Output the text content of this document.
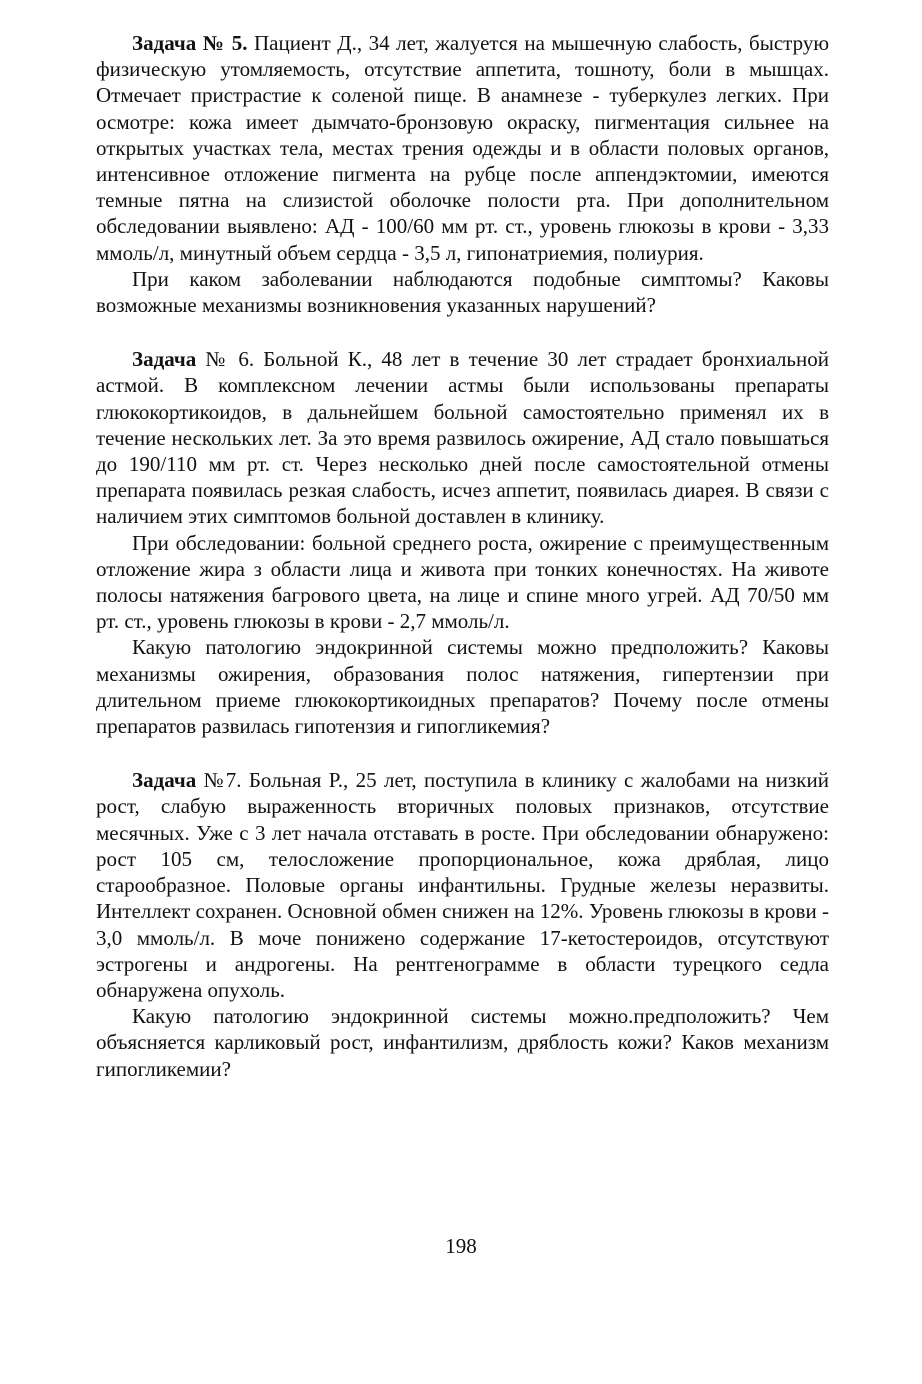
Задача № 5. Пациент Д., 34 лет, жалуется на мышечную слабость, быструю физическую утомляемость, отсутствие аппетита, тошноту, боли в мышцах. Отмечает пристрастие к соленой пище. В анамнезе - туберкулез легких. При осмотре: кожа имеет дымчато-бронзовую окраску, пигментация сильнее на открытых участках тела, местах трения одежды и в области половых органов, интенсивное отложение пигмента на рубце после аппендэктомии, имеются темные пятна на слизистой оболочке полости рта. При дополнительном обследовании выявлено: АД - 100/60 мм рт. ст., уровень глюкозы в крови - 3,33 ммоль/л, минутный объем сердца - 3,5 л, гипонатриемия, полиурия.

При каком заболевании наблюдаются подобные симптомы? Каковы возможные механизмы возникновения указанных нарушений?

Задача № 6. Больной К., 48 лет в течение 30 лет страдает бронхиальной астмой. В комплексном лечении астмы были использованы препараты глюкокортикоидов, в дальнейшем больной самостоятельно применял их в течение нескольких лет. За это время развилось ожирение, АД стало повышаться до 190/110 мм рт. ст. Через несколько дней после самостоятельной отмены препарата появилась резкая слабость, исчез аппетит, появилась диарея. В связи с наличием этих симптомов больной доставлен в клинику.

При обследовании: больной среднего роста, ожирение с преимущественным отложение жира з области лица и живота при тонких конечностях. На животе полосы натяжения багрового цвета, на лице и спине много угрей. АД 70/50 мм рт. ст., уровень глюкозы в крови - 2,7 ммоль/л.

Какую патологию эндокринной системы можно предположить? Каковы механизмы ожирения, образования полос натяжения, гипертензии при длительном приеме глюкокортикоидных препаратов? Почему после отмены препаратов развилась гипотензия и гипогликемия?

Задача №7. Больная Р., 25 лет, поступила в клинику с жалобами на низкий рост, слабую выраженность вторичных половых признаков, отсутствие месячных. Уже с 3 лет начала отставать в росте. При обследовании обнаружено: рост 105 см, телосложение пропорциональное, кожа дряблая, лицо старообразное. Половые органы инфантильны. Грудные железы неразвиты. Интеллект сохранен. Основной обмен снижен на 12%. Уровень глюкозы в крови - 3,0 ммоль/л. В моче понижено содержание 17-кетостероидов, отсутствуют эстрогены и андрогены. На рентгенограмме в области турецкого седла обнаружена опухоль.

Какую патологию эндокринной системы можно.предположить? Чем объясняется карликовый рост, инфантилизм, дряблость кожи? Каков механизм гипогликемии?

198
